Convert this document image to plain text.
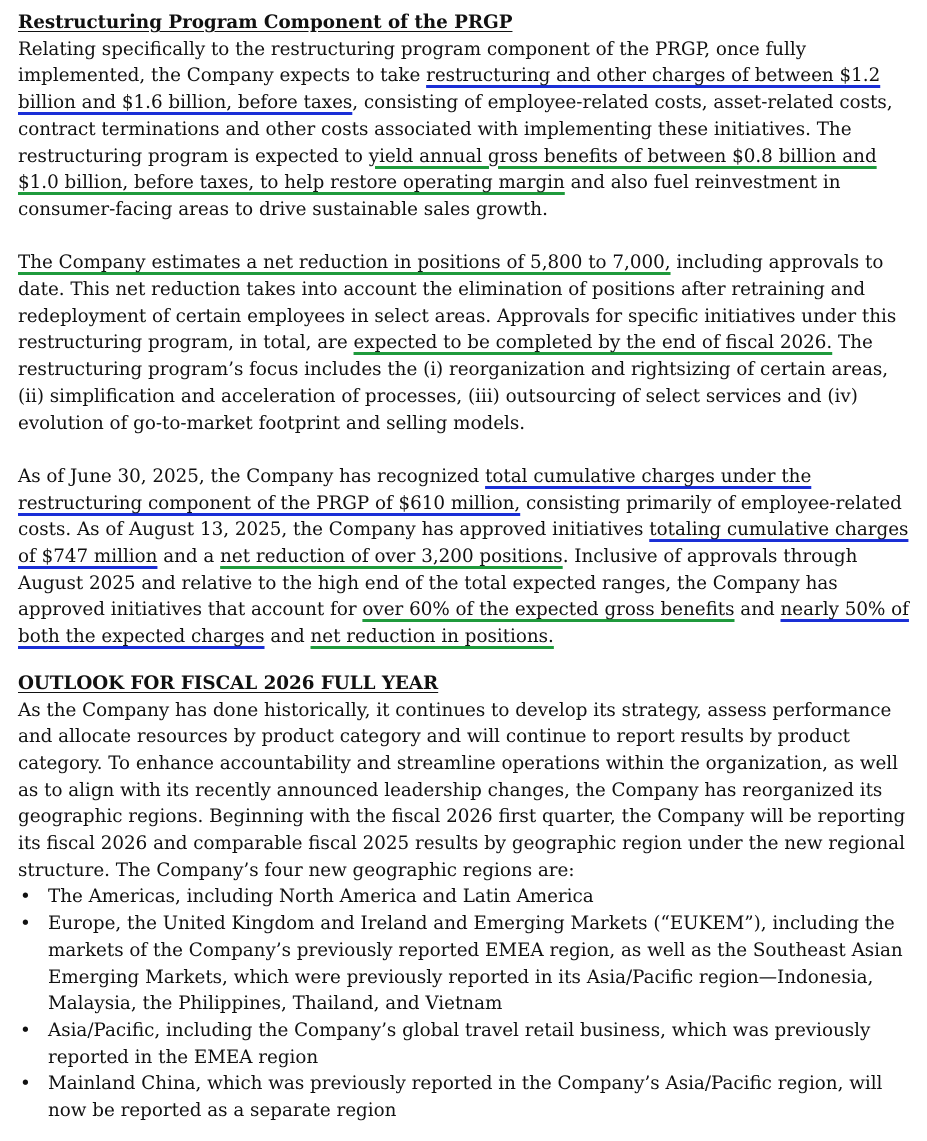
Restructuring Program Component of the PRGP

Relating specifically to the restructuring program component of the PRGP, once fully implemented, the Company expects to take restructuring and other charges of between $1.2 billion and $1.6 billion, before taxes, consisting of employee-related costs, asset-related costs, contract terminations and other costs associated with implementing these initiatives. The restructuring program is expected to yield annual gross benefits of between $0.8 billion and $1.0 billion, before taxes, to help restore operating margin and also fuel reinvestment in consumer-facing areas to drive sustainable sales growth.

The Company estimates a net reduction in positions of 5,800 to 7,000, including approvals to date. This net reduction takes into account the elimination of positions after retraining and redeployment of certain employees in select areas. Approvals for specific initiatives under this restructuring program, in total, are expected to be completed by the end of fiscal 2026. The restructuring program’s focus includes the (i) reorganization and rightsizing of certain areas, (ii) simplification and acceleration of processes, (iii) outsourcing of select services and (iv) evolution of go-to-market footprint and selling models.

As of June 30, 2025, the Company has recognized total cumulative charges under the restructuring component of the PRGP of $610 million, consisting primarily of employee-related costs. As of August 13, 2025, the Company has approved initiatives totaling cumulative charges of $747 million and a net reduction of over 3,200 positions. Inclusive of approvals through August 2025 and relative to the high end of the total expected ranges, the Company has approved initiatives that account for over 60% of the expected gross benefits and nearly 50% of both the expected charges and net reduction in positions.

OUTLOOK FOR FISCAL 2026 FULL YEAR

As the Company has done historically, it continues to develop its strategy, assess performance and allocate resources by product category and will continue to report results by product category. To enhance accountability and streamline operations within the organization, as well as to align with its recently announced leadership changes, the Company has reorganized its geographic regions. Beginning with the fiscal 2026 first quarter, the Company will be reporting its fiscal 2026 and comparable fiscal 2025 results by geographic region under the new regional structure. The Company’s four new geographic regions are:

• The Americas, including North America and Latin America
• Europe, the United Kingdom and Ireland and Emerging Markets (“EUKEM”), including the markets of the Company’s previously reported EMEA region, as well as the Southeast Asian Emerging Markets, which were previously reported in its Asia/Pacific region—Indonesia, Malaysia, the Philippines, Thailand, and Vietnam
• Asia/Pacific, including the Company’s global travel retail business, which was previously reported in the EMEA region
• Mainland China, which was previously reported in the Company’s Asia/Pacific region, will now be reported as a separate region
